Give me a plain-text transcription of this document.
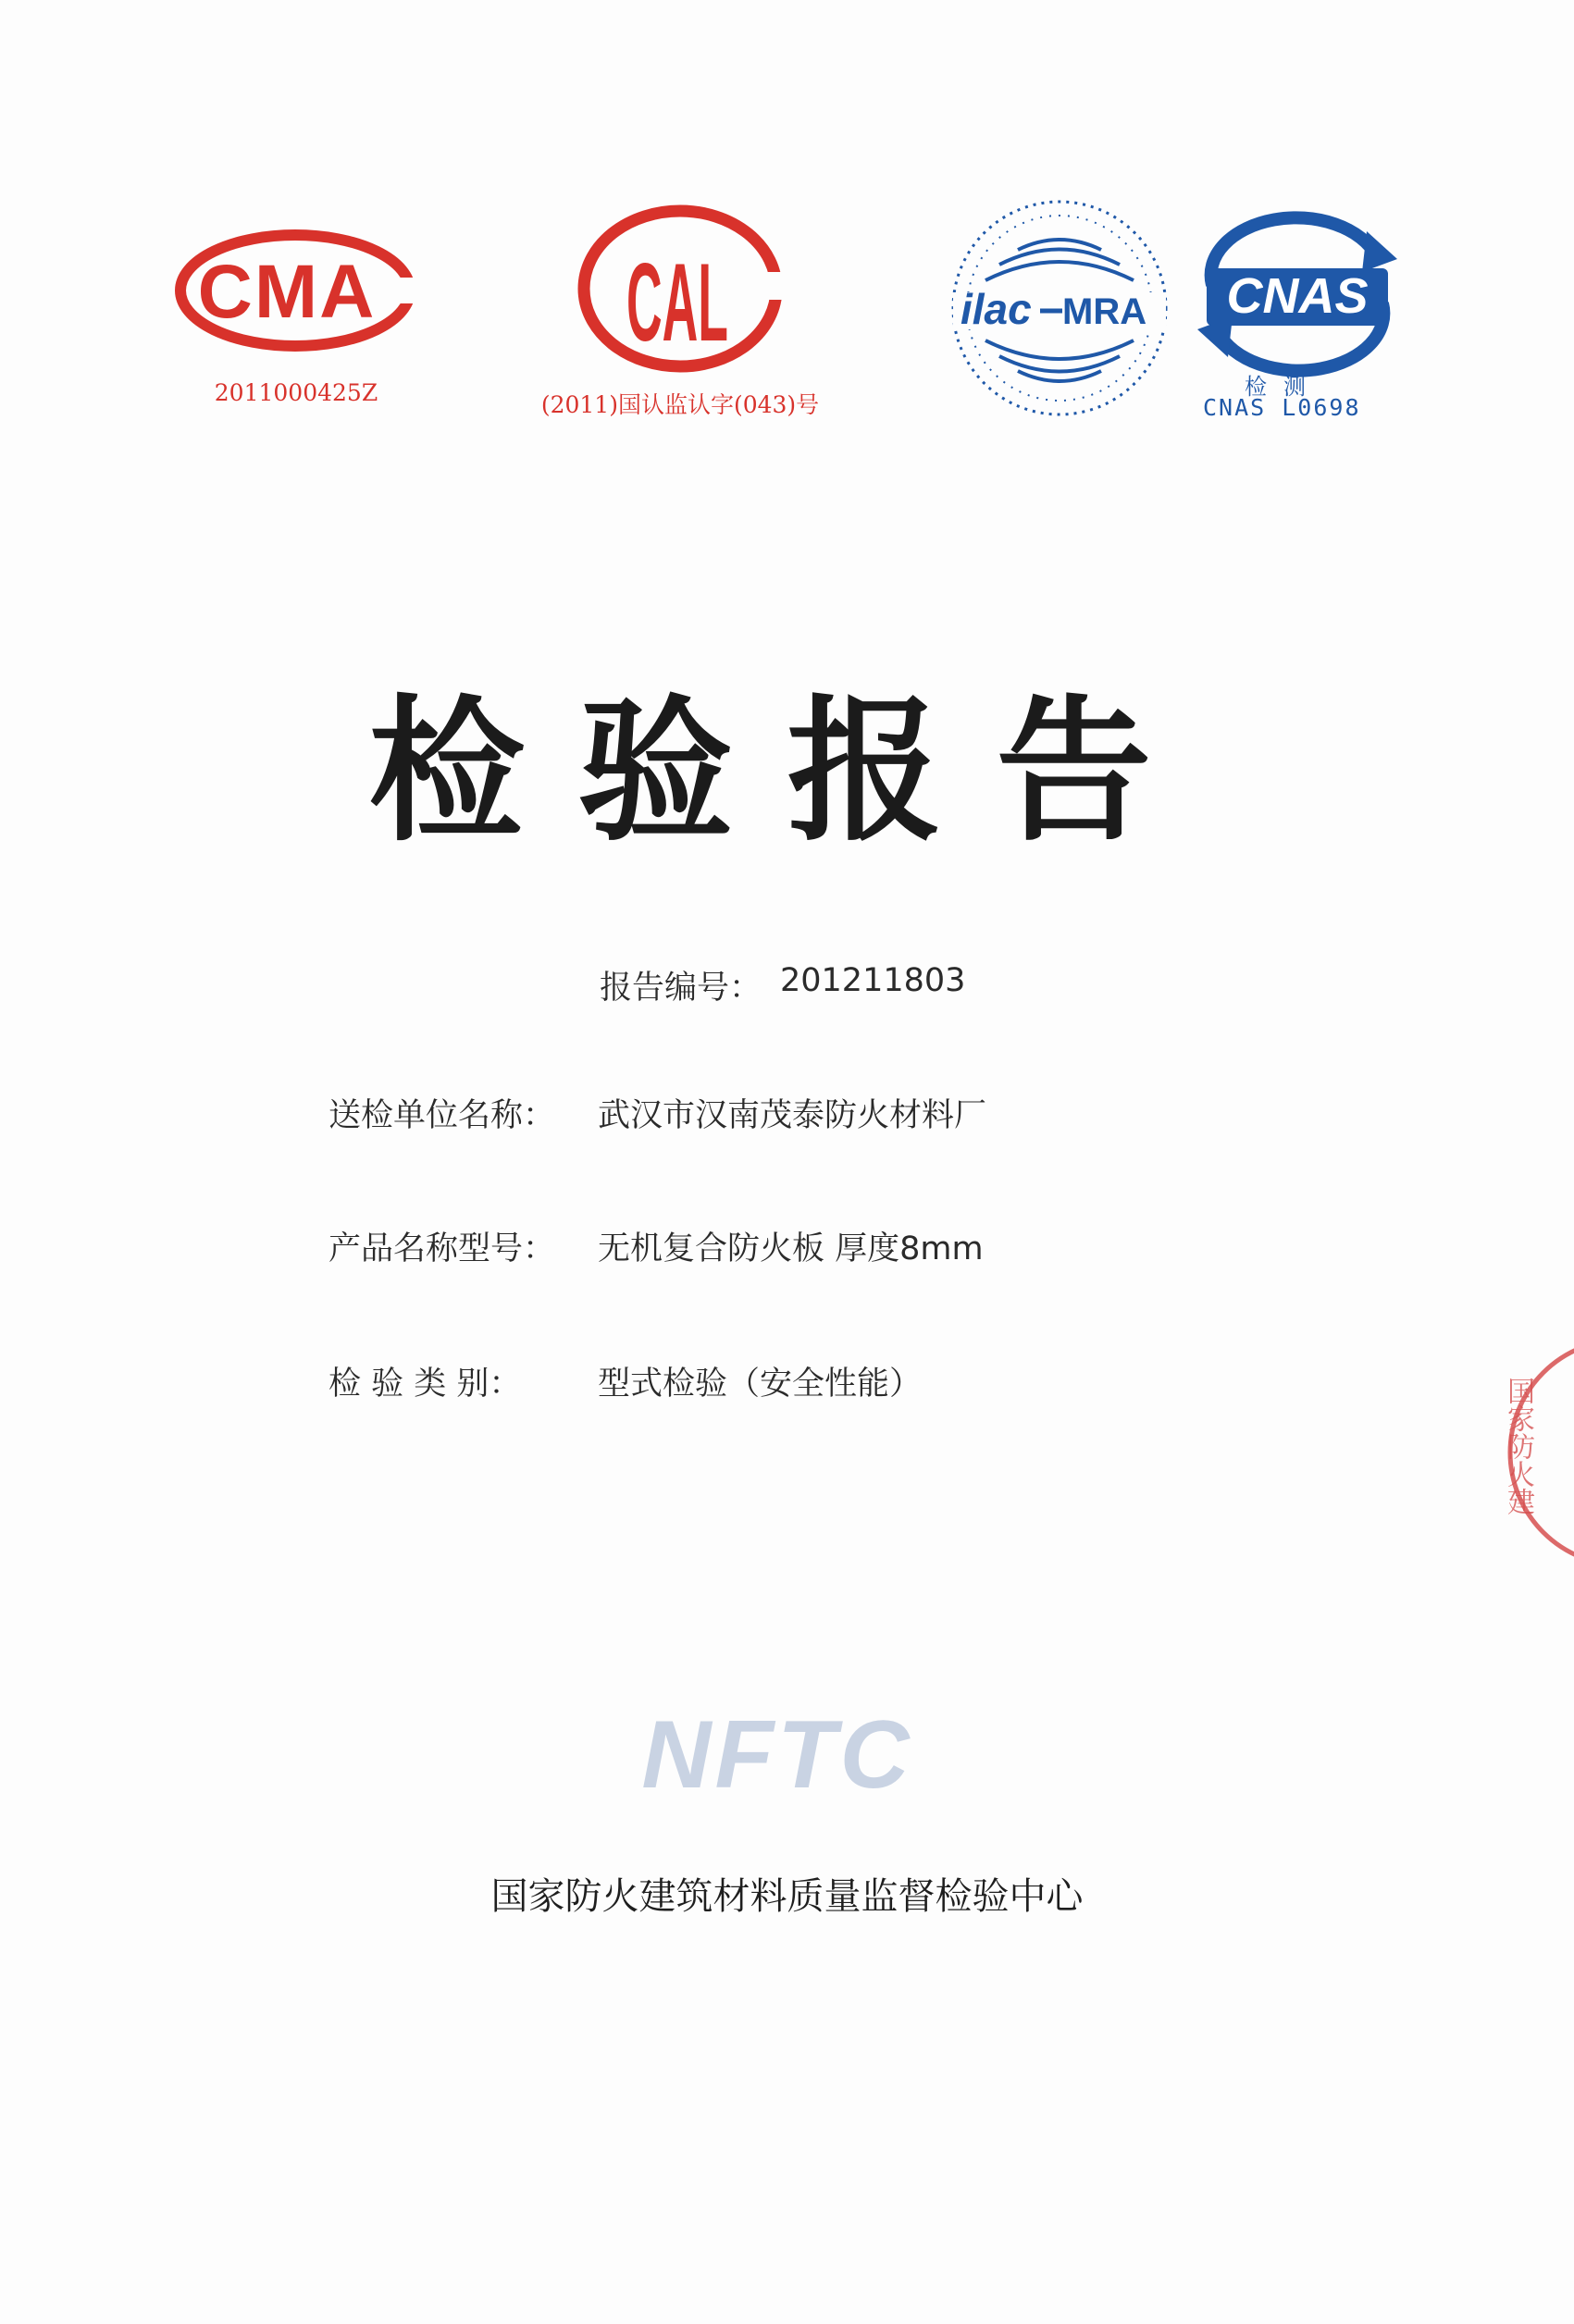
CMA
2011000425Z
CAL
(2011)国认监认字(043)号
ilac MRA CNAS
检测
CNAS L0698
检验报告
报告编号： 201211803
送检单位名称： 武汉市汉南茂泰防火材料厂
产品名称型号： 无机复合防火板 厚度8mm
检 验 类 别： 型式检验（安全性能）
NFTC
国家防火建筑材料质量监督检验中心
国家防火建
